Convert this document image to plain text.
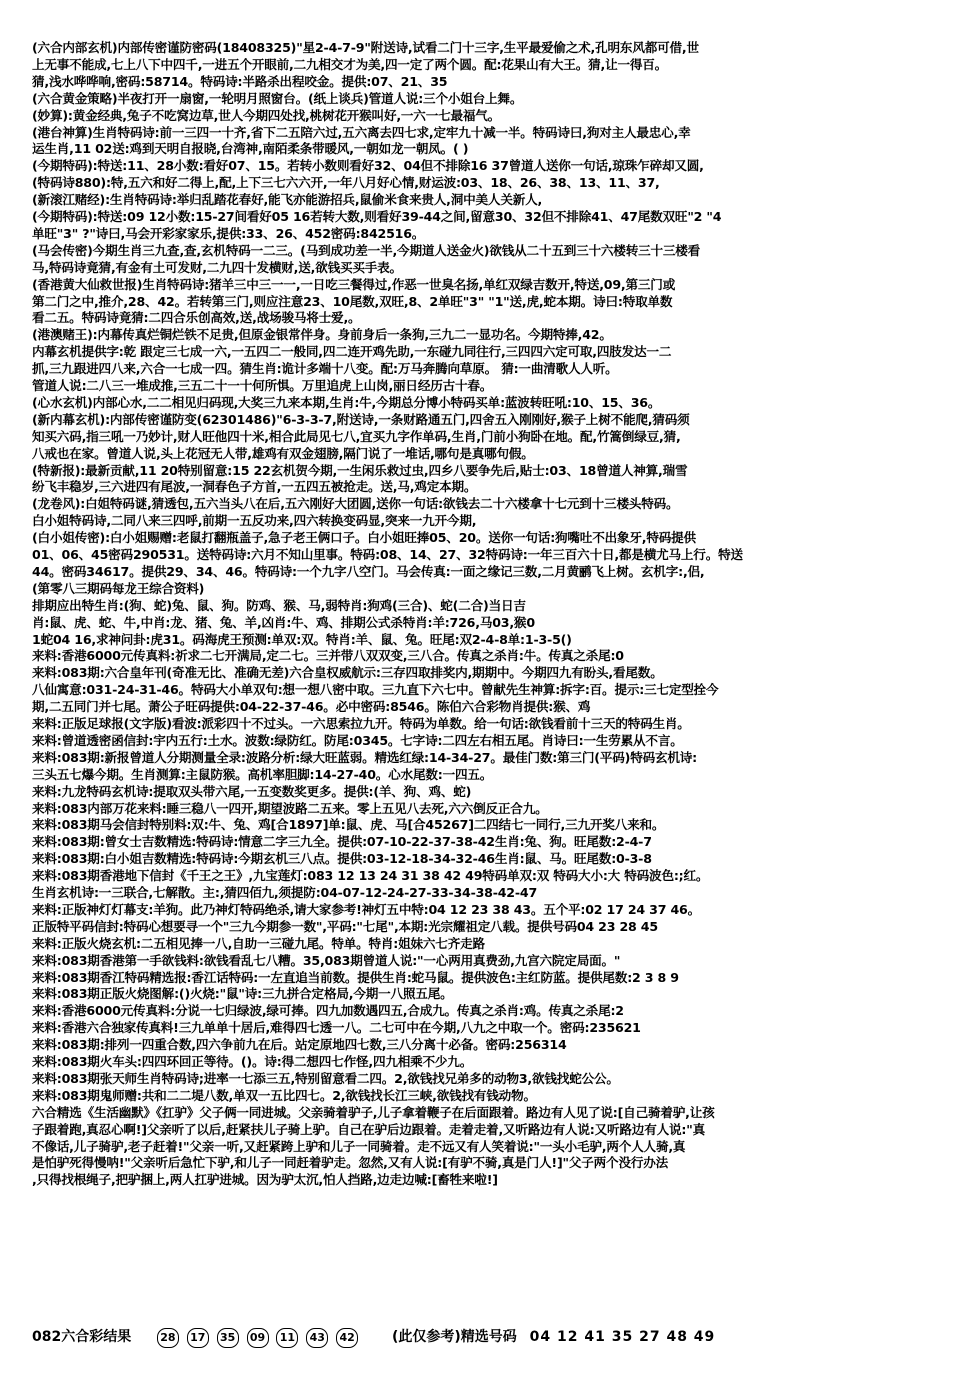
(六合内部玄机)内部传密谨防密码(18408325)"星2-4-7-9"附送诗,试看二门十三字,生平最爱偷之术,孔明东风都可借,世
上无事不能成,七上八下中四千,一进五个开眼前,二九相交才为美,四一定了两个圆。配:花果山有大王。猜,让一得百。
猜,浅水哗哗响,密码:58714。特码诗:半路杀出程咬金。提供:07、21、35
(六合黄金策略)半夜打开一扇窗,一轮明月照窗台。(纸上谈兵)管道人说:三个小姐台上舞。
(妙算):黄金经典,兔子不吃窝边草,世人今期四处找,桃树花开猴叫好,一六一七最福气。
(港台神算)生肖特码诗:前一三四一十齐,省下二五陪六过,五六离去四七求,定牢九十减一半。特码诗曰,狗对主人最忠心,幸
运生肖,11 02送:鸡到天明自报晓,台湾神,南陌柔条带暖风,一朝如龙一朝凤。( )
(今期特码):特送:11、28小数:看好07、15。若转小数则看好32、04但不排除16 37曾道人送你一句话,琼珠乍碎却又圆,
(特码诗880):特,五六和好二得上,配,上下三七六六开,一年八月好心情,财运波:03、18、26、38、13、11、37,
(新滚江赌经):生肖特码诗:举归乱踏花春好,能飞亦能游招兵,鼠偷米食来贵人,洞中美人关新人,
(今期特码):特送:09 12小数:15-27间看好05 16若转大数,则看好39-44之间,留意30、32但不排除41、47尾数双旺"2 "4
单旺"3" ?"诗曰,马会开彩家家乐,提供:33、26、452密码:842516。
(马会传密)今期生肖三九查,查,玄机特码一二三。(马到成功差一半,今期道人送金火)欲钱从二十五到三十六楼转三十三楼看
马,特码诗竟猜,有金有土可发财,二九四十发横财,送,欲钱买买手表。
(香港黄大仙救世报)生肖特码诗:猪羊三中三一一,一日吃三餐得过,作恶一世臭名扬,单红双绿吉数开,特送,09,第三门或
第二门之中,推介,28、42。若转第三门,则应注意23、10尾数,双旺,8、2单旺"3" "1"送,虎,蛇本期。诗曰:特取单数
看二五。特码诗竟猜:二四合乐创高效,送,战场骏马将士爱,。
(港澳赌王):内幕传真烂铜烂铁不足贵,但原金银常伴身。身前身后一条狗,三九二一显功名。今期特捧,42。
内幕玄机提供字:乾 跟定三七成一六,一五四二一般同,四二连开鸡先助,一东碰九同往行,三四四六定可取,四肢发达一二
抓,三九跟进四八来,六合一七成一四。猜生肖:诡计多端十八变。配:万马奔腾向草原。 猜:一曲清歌人人听。
管道人说:二八三一堆成推,三五二十一十何所惧。万里追虎上山岗,丽日经历古十春。
(心水玄机)内部心水,二二相见归码现,大奖三九来本期,生肖:牛,今期总分博小特码买单:蓝波转旺吼:10、15、36。
(新内幕玄机):内部传密谨防变(62301486)"6-3-3-7,附送诗,一条财路通五门,四舍五入刚刚好,猴子上树不能爬,猜码须
知买六码,指三吼一乃妙计,财人旺他四十米,相合此局见七八,宜买九字作单码,生肖,门前小狗卧在地。配,竹篙倒绿豆,猜,
八戒也在家。曾道人说,头上花冠无人带,雄鸡有双金翅膀,隔门说了一堆话,哪句是真哪句假。
(特新报):最新贡献,11 20特别留意:15 22玄机贺今期,一生闲乐救过虫,四乡八要争先后,贴士:03、18曾道人神算,瑞雪
纷飞丰稳岁,三六进四有尾波,一洞春色子方首,一五四五被抢走。送,马,鸡定本期。
(龙卷风):白姐特码谜,猜透包,五六当头八在后,五六刚好大团圆,送你一句话:欲钱去二十六楼拿十七元到十三楼头特码。
白小姐特码诗,二同八来三四呼,前期一五反功来,四六转换变码显,突来一九开今期,
(白小姐传密):白小姐赐赠:老鼠打翻瓶盖子,急子老王俩口子。白小姐旺捧05、20。送你一句话:狗嘴吐不出象牙,特码提供
01、06、45密码290531。送特码诗:六月不知山里事。特码:08、14、27、32特码诗:一年三百六十日,都是横尤马上行。特送
44。密码34617。提供29、34、46。特码诗:一个九字八空门。马会传真:一面之缘记三数,二月黄鹂飞上树。玄机字:,侣,
(第零八三期码每龙王综合资料)
排期应出特生肖:(狗、蛇)兔、鼠、狗。防鸡、猴、马,弱特肖:狗鸡(三合)、蛇(二合)当日吉
肖:鼠、虎、蛇、牛,中肖:龙、猪、兔、羊,凶肖:牛、鸡、排期公式杀特肖:羊:726,马03,猴0
1蛇04 16,求神问卦:虎31。码海虎王预测:单双:双。特肖:羊、鼠、兔。旺尾:双2-4-8单:1-3-5()
来料:香港6000元传真料:祈求二七开满局,定二七。三并带八双双变,三八合。传真之杀肖:牛。传真之杀尾:0
来料:083期:六合皇年刊(奇准无比、准确无差)六合皇权威航示:三存四取排奖内,期期中。今期四九有盼头,看尾数。
八仙寓意:031-24-31-46。特码大小单双句:想一想八密中取。三九直下六七中。曾献先生神算:拆字:百。提示:三七定型拴今
期,二五同门并七尾。萧公子旺码提供:04-22-37-46。必中密码:8546。陈伯六合彩物肖提供:猴、鸡
来料:正版足球报(文字版)看波:派彩四十不过头。一六思索拉九开。特码为单数。给一句话:欲钱看前十三天的特码生肖。
来料:曾道透密函信封:宇内五行:土水。波数:绿防红。防尾:0345。七字诗:二四左右相五尾。肖诗曰:一生劳累从不言。
来料:083期:新报曾道人分期测量全录:波路分析:绿大旺蓝弱。精选红绿:14-34-27。最佳门数:第三门(平码)特码玄机诗:
三头五七爆今期。生肖测算:主鼠防猴。高机率胆脚:14-27-40。心水尾数:一四五。
来料:九龙特码玄机诗:提取双头带六尾,一五变数奖更多。提供:(羊、狗、鸡、蛇)
来料:083内部万花来料:睡三稳八一四开,期望波路二五来。零上五见八去死,六六倒反正合九。
来料:083期马会信封特别料:双:牛、兔、鸡[合1897]单:鼠、虎、马[合45267]二四结七一同行,三九开奖八来和。
来料:083期:曾女士吉数精选:特码诗:情意二字三九全。提供:07-10-22-37-38-42生肖:兔、狗。旺尾数:2-4-7
来料:083期:白小姐吉数精选:特码诗:今期玄机三八点。提供:03-12-18-34-32-46生肖:鼠、马。旺尾数:0-3-8
来料:083期香港地下信封《千王之王》,九宝莲灯:083 12 13 24 31 38 42 49特码单双:双 特码大小:大 特码波色:;红。
生肖玄机诗:一三联合,七解散。主:,猜四佰九,须提防:04-07-12-24-27-33-34-38-42-47
来料:正版神灯灯幕支:羊狗。此乃神灯特码绝杀,请大家参考!神灯五中特:04 12 23 38 43。五个平:02 17 24 37 46。
正版特平码信封:特码心想要寻一个"三九今期参一数",平码:"七尾",本期:光宗耀祖定八载。提供号码04 23 28 45
来料:正版火烧玄机:二五相见捧一八,自助一三碰九尾。特单。特肖:姐妹六七齐走路
来料:083期香港第一手欲钱料:欲钱看乱七八糟。35,083期曾道人说:"一心两用真费劲,九宫六院定局面。"
来料:083期香江特码精选报:香江话特码:一左直追当前数。提供生肖:蛇马鼠。提供波色:主红防蓝。提供尾数:2 3 8 9
来料:083期正版火烧图解:()火烧:"鼠"诗:三九拼合定格局,今期一八照五尾。
来料:香港6000元传真料:分说一七归绿波,绿可捧。四九加数遇四五,合成九。传真之杀肖:鸡。传真之杀尾:2
来料:香港六合独家传真料!三九单单十居后,难得四七透一八。二七可中在今期,八九之中取一个。密码:235621
来料:083期:排列一四重合数,四六争前九在后。站定原地四七数,三八分离十必备。密码:256314
来料:083期火车头:四四环回正等待。()。诗:得二想四七作怪,四九相乘不少九。
来料:083期张天师生肖特码诗;进率一七添三五,特别留意看二四。2,欲钱找兄弟多的动物3,欲钱找蛇公公。
来料:083期鬼师赠:共和二二堤八数,单双一五比四七。2,欲钱找长江三峡,欲钱找有钱动物。
六合精选《生活幽默》《扛驴》父子俩一同进城。父亲骑着驴子,儿子拿着鞭子在后面跟着。路边有人见了说:[自己骑着驴,让孩
子跟着跑,真忍心啊!]父亲听了以后,赶紧扶儿子骑上驴。自己在驴后边跟着。走着走着,又听路边有人说:又听路边有人说:"真
不像话,儿子骑驴,老子赶着!"父亲一听,又赶紧跨上驴和儿子一同骑着。走不远又有人笑着说:"一头小毛驴,两个人人骑,真
是怕驴死得慢呐!"父亲听后急忙下驴,和儿子一同赶着驴走。忽然,又有人说:[有驴不骑,真是门人!]"父子两个没行办法
,只得找根绳子,把驴捆上,两人扛驴进城。因为驴太沉,怕人挡路,边走边喊:[畜牲来啦!]
082六合彩结果	28 17 35 09 11 43 42	(此仅参考)精选号码 04 12 41 35 27 48 49
